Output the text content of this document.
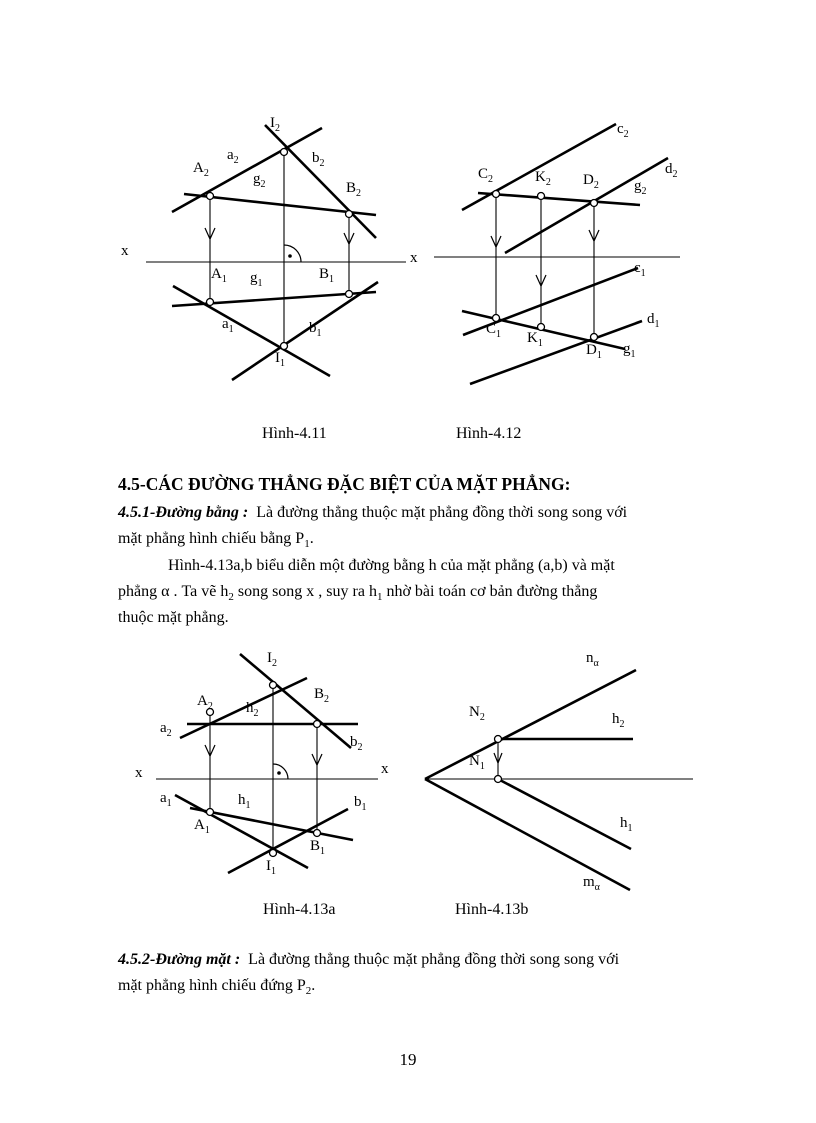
$I_2$
$a_2$	$b_2$
$A_2$	$g_2$	$B_2$
x	x
$A_1$ $g_1$
$B_1$
$a_1$	$b_1$
$I_1$
$c_2$
$d_2$
$C_2$	$K_2$ $D_2$ $g_2$
$c_1$
$d_1$
$C_1$ $K_1$	$D_1$ $g_1$
Hình-4.11	Hình-4.12
4.5-CÁC ĐƯỜNG THẲNG ĐẶC BIỆT CỦA MẶT PHẲNG:
4.5.1-Đường bằng : Là đường thẳng thuộc mặt phẳng đồng thời song song với
mặt phẳng hình chiếu bằng $P_1$.
Hình-4.13a,b biểu diễn một đường bằng h của mặt phẳng (a,b) và mặt
phẳng α . Ta vẽ $h_2$ song song x , suy ra $h_1$ nhờ bài toán cơ bản đường thẳng
thuộc mặt phẳng.
$I_2$
$A_2$
$B_2$
$h_2$
$a_2$
$b_2$
x	x
$a_1$	$h_1$	$b_1$
$A_1$
$B_1$
$I_1$
$n_\alpha$
$h_2$
$N_2$
$N_1$
$h_1$
$m_\alpha$
Hình-4.13a	Hình-4.13b
4.5.2-Đường mặt : Là đường thẳng thuộc mặt phẳng đồng thời song song với
mặt phẳng hình chiếu đứng $P_2$.
19
